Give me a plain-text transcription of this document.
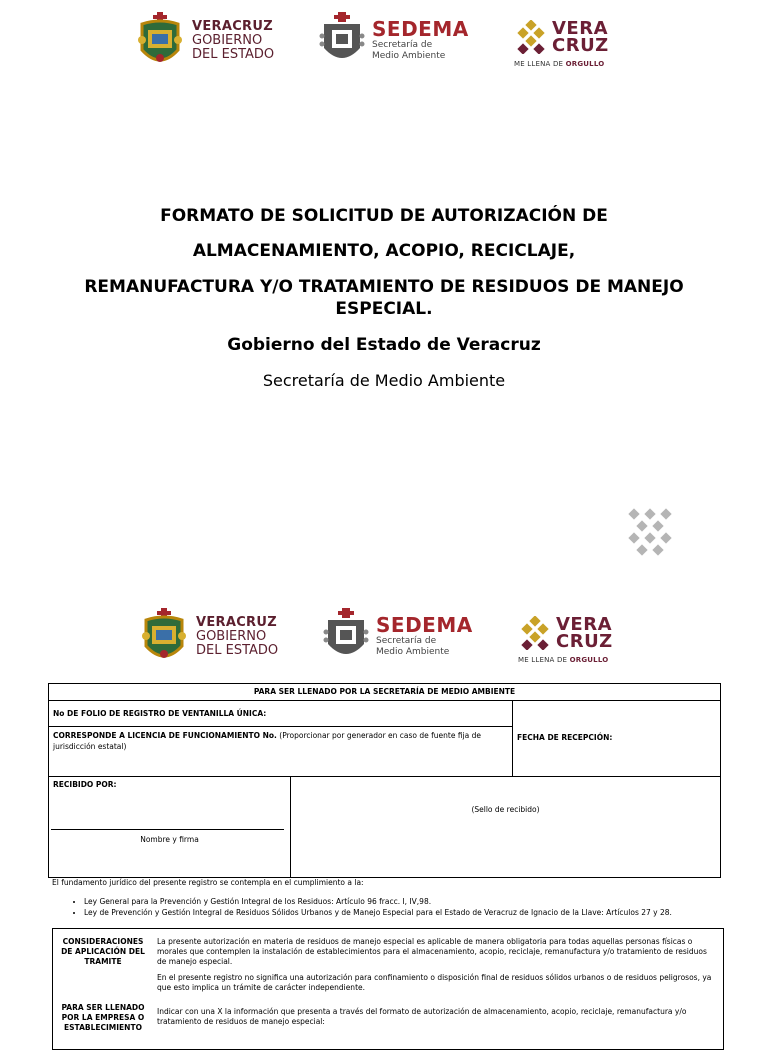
VERACRUZ
GOBIERNO
DEL ESTADO
SEDEMA
Secretaría de
Medio Ambiente
VERA
CRUZ
ME LLENA DE ORGULLO
FORMATO DE SOLICITUD DE AUTORIZACIÓN DE
ALMACENAMIENTO, ACOPIO, RECICLAJE,
REMANUFACTURA Y/O TRATAMIENTO DE RESIDUOS DE MANEJO ESPECIAL.
Gobierno del Estado de Veracruz
Secretaría de Medio Ambiente
VERACRUZ
GOBIERNO
DEL ESTADO
SEDEMA
Secretaría de
Medio Ambiente
VERA
CRUZ
ME LLENA DE ORGULLO
PARA SER LLENADO POR LA SECRETARÍA DE MEDIO AMBIENTE
No DE FOLIO DE REGISTRO DE VENTANILLA ÚNICA:
CORRESPONDE A LICENCIA DE FUNCIONAMIENTO No. (Proporcionar por generador en caso de fuente fija de jurisdicción estatal)
FECHA DE RECEPCIÓN:
RECIBIDO POR:
Nombre y firma
(Sello de recibido)
El fundamento jurídico del presente registro se contempla en el cumplimiento a la:
• Ley General para la Prevención y Gestión Integral de los Residuos: Artículo 96 fracc. I, IV,98.
• Ley de Prevención y Gestión Integral de Residuos Sólidos Urbanos y de Manejo Especial para el Estado de Veracruz de Ignacio de la Llave: Artículos 27 y 28.
CONSIDERACIONES DE APLICACIÓN DEL TRAMITE
PARA SER LLENADO POR LA EMPRESA O ESTABLECIMIENTO
La presente autorización en materia de residuos de manejo especial es aplicable de manera obligatoria para todas aquellas personas físicas o morales que contemplen la instalación de establecimientos para el almacenamiento, acopio, reciclaje, remanufactura y/o tratamiento de residuos de manejo especial.
En el presente registro no significa una autorización para confinamiento o disposición final de residuos sólidos urbanos o de residuos peligrosos, ya que esto implica un trámite de carácter independiente.
Indicar con una X la información que presenta a través del formato de autorización de almacenamiento, acopio, reciclaje, remanufactura y/o tratamiento de residuos de manejo especial:
